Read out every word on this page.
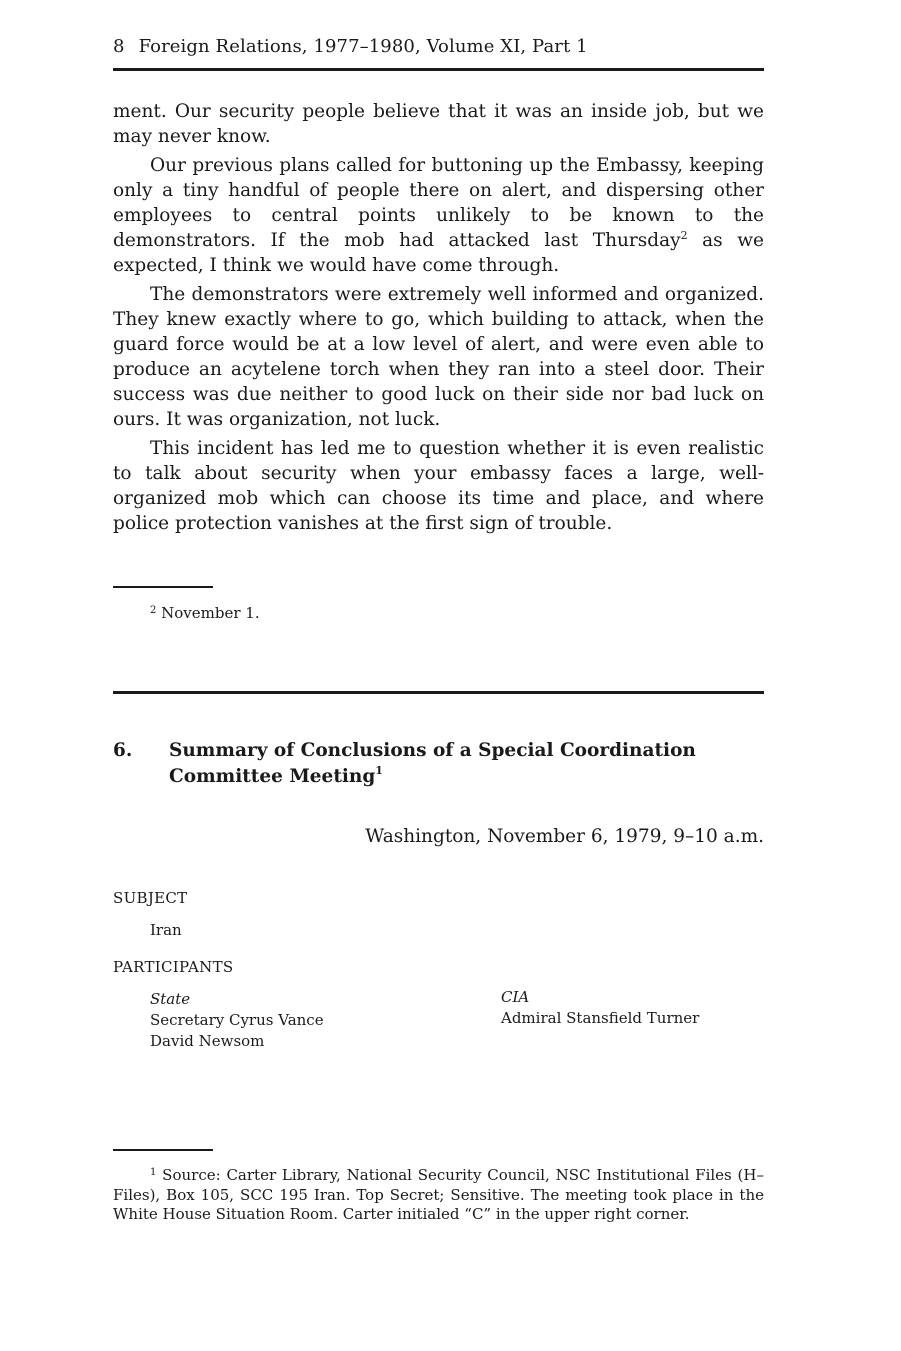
8 Foreign Relations, 1977–1980, Volume XI, Part 1

ment. Our security people believe that it was an inside job, but we may never know.

Our previous plans called for buttoning up the Embassy, keeping only a tiny handful of people there on alert, and dispersing other employees to central points unlikely to be known to the demonstrators. If the mob had attacked last Thursday$^2$ as we expected, I think we would have come through.

The demonstrators were extremely well informed and organized. They knew exactly where to go, which building to attack, when the guard force would be at a low level of alert, and were even able to produce an acytelene torch when they ran into a steel door. Their success was due neither to good luck on their side nor bad luck on ours. It was organization, not luck.

This incident has led me to question whether it is even realistic to talk about security when your embassy faces a large, well-organized mob which can choose its time and place, and where police protection vanishes at the first sign of trouble.

$^2$ November 1.

6. Summary of Conclusions of a Special Coordination Committee Meeting$^1$
Washington, November 6, 1979, 9–10 a.m.
SUBJECT
Iran
PARTICIPANTS
State
Secretary Cyrus Vance
David Newsom
CIA
Admiral Stansfield Turner

$^1$ Source: Carter Library, National Security Council, NSC Institutional Files (H–Files), Box 105, SCC 195 Iran. Top Secret; Sensitive. The meeting took place in the White House Situation Room. Carter initialed “C” in the upper right corner.
